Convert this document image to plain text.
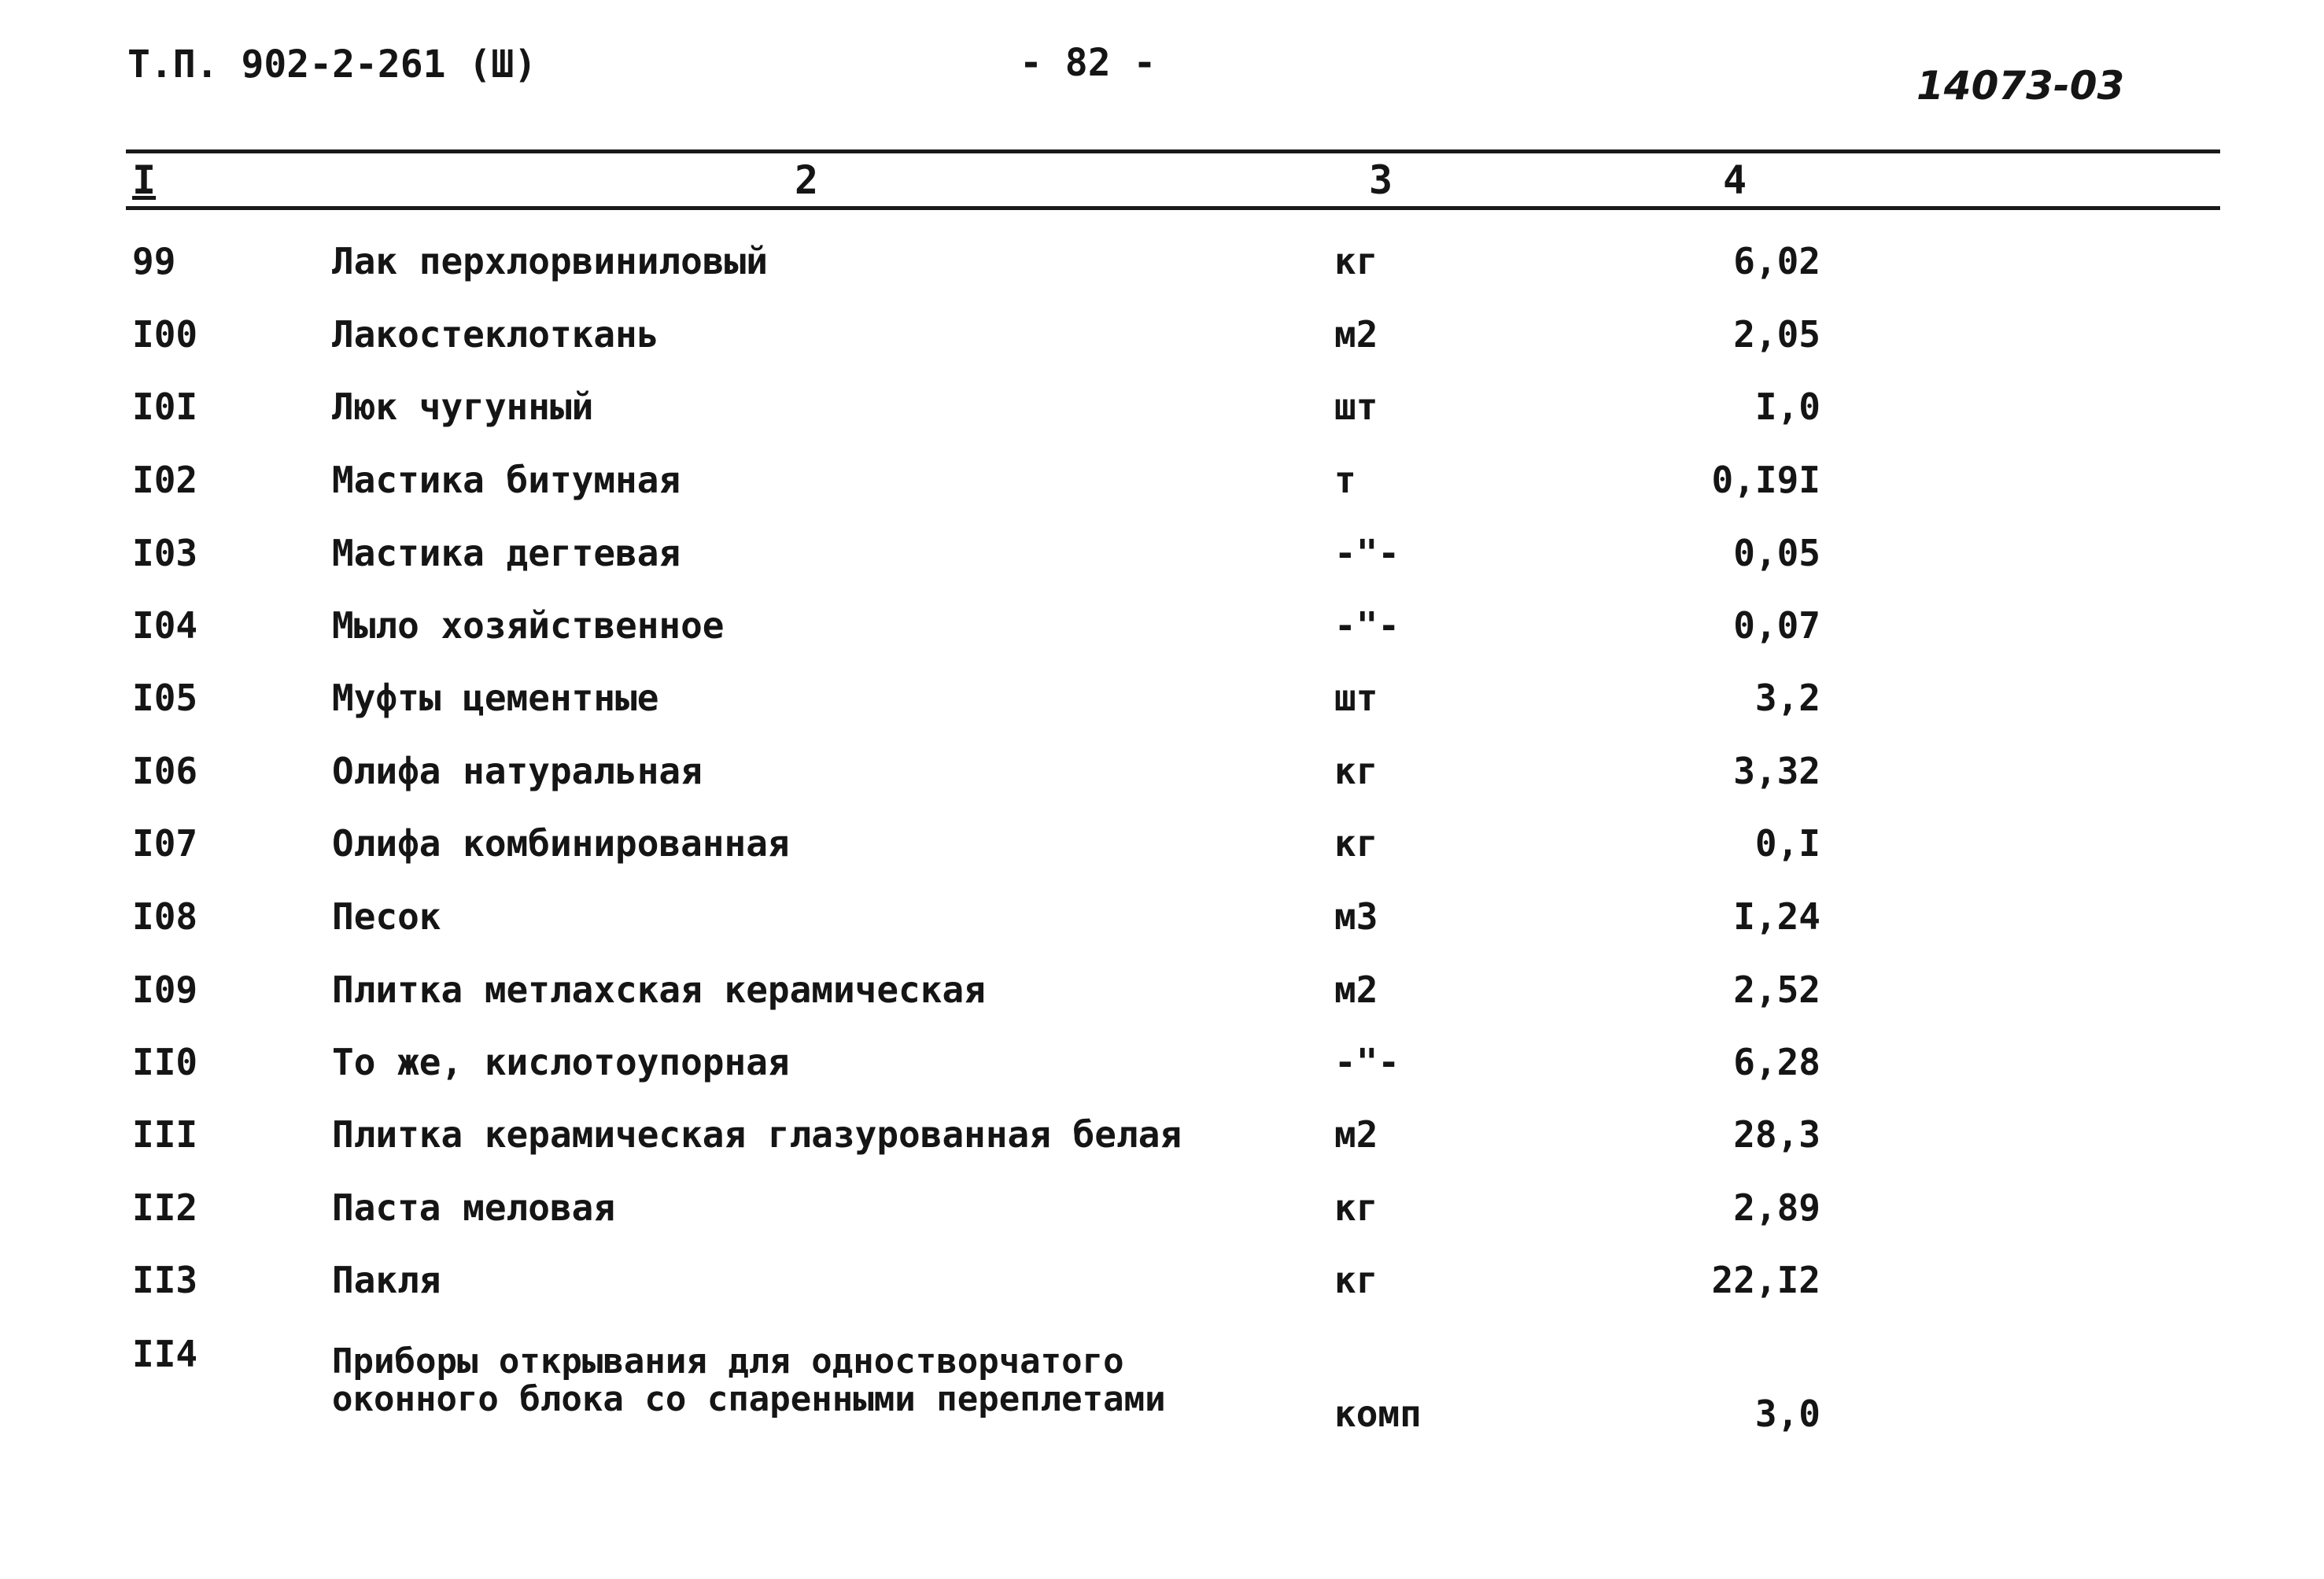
Т.П. 902-2-261 (Ш)	- 82 -	14073-03
I	2	3	4
99	Лак перхлорвиниловый	кг	6,02
I00	Лакостеклоткань	м2	2,05
I0I	Люк чугунный	шт	I,0
I02	Мастика битумная	т	0,I9I
I03	Мастика дегтевая	-"-	0,05
I04	Мыло хозяйственное	-"-	0,07
I05	Муфты цементные	шт	3,2
I06	Олифа натуральная	кг	3,32
I07	Олифа комбинированная	кг	0,I
I08	Песок	м3	I,24
I09	Плитка метлахская керамическая	м2	2,52
II0	То же, кислотоупорная	-"-	6,28
III	Плитка керамическая глазурованная белая	м2	28,3
II2	Паста меловая	кг	2,89
II3	Пакля	кг	22,I2
II4	Приборы открывания для одностворчатого
оконного блока со спаренными переплетами	комп	3,0
